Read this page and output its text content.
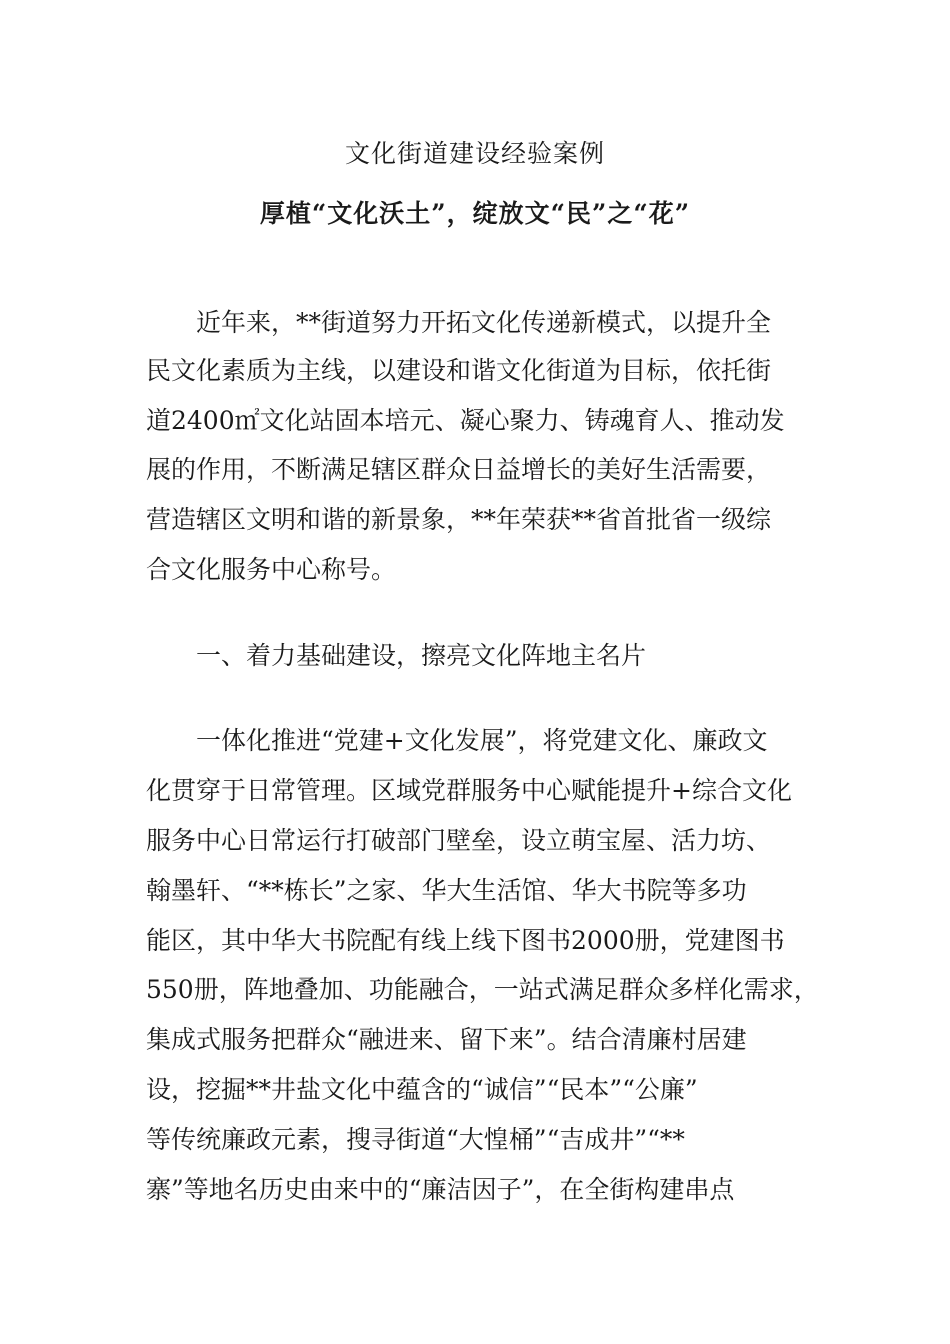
文化街道建设经验案例
厚植“文化沃土”，绽放文“民”之“花”
近年来，**街道努力开拓文化传递新模式，以提升全
民文化素质为主线，以建设和谐文化街道为目标，依托街
道2400㎡文化站固本培元、凝心聚力、铸魂育人、推动发
展的作用，不断满足辖区群众日益增长的美好生活需要，
营造辖区文明和谐的新景象，**年荣获**省首批省一级综
合文化服务中心称号。
一、着力基础建设，擦亮文化阵地主名片
一体化推进“党建+文化发展”，将党建文化、廉政文
化贯穿于日常管理。区域党群服务中心赋能提升+综合文化
服务中心日常运行打破部门壁垒，设立萌宝屋、活力坊、
翰墨轩、“**栋长”之家、华大生活馆、华大书院等多功
能区，其中华大书院配有线上线下图书2000册，党建图书
550册，阵地叠加、功能融合，一站式满足群众多样化需求，
集成式服务把群众“融进来、留下来”。结合清廉村居建
设，挖掘**井盐文化中蕴含的“诚信”“民本”“公廉”
等传统廉政元素，搜寻街道“大惶桶”“吉成井”“**
寨”等地名历史由来中的“廉洁因子”，在全街构建串点
